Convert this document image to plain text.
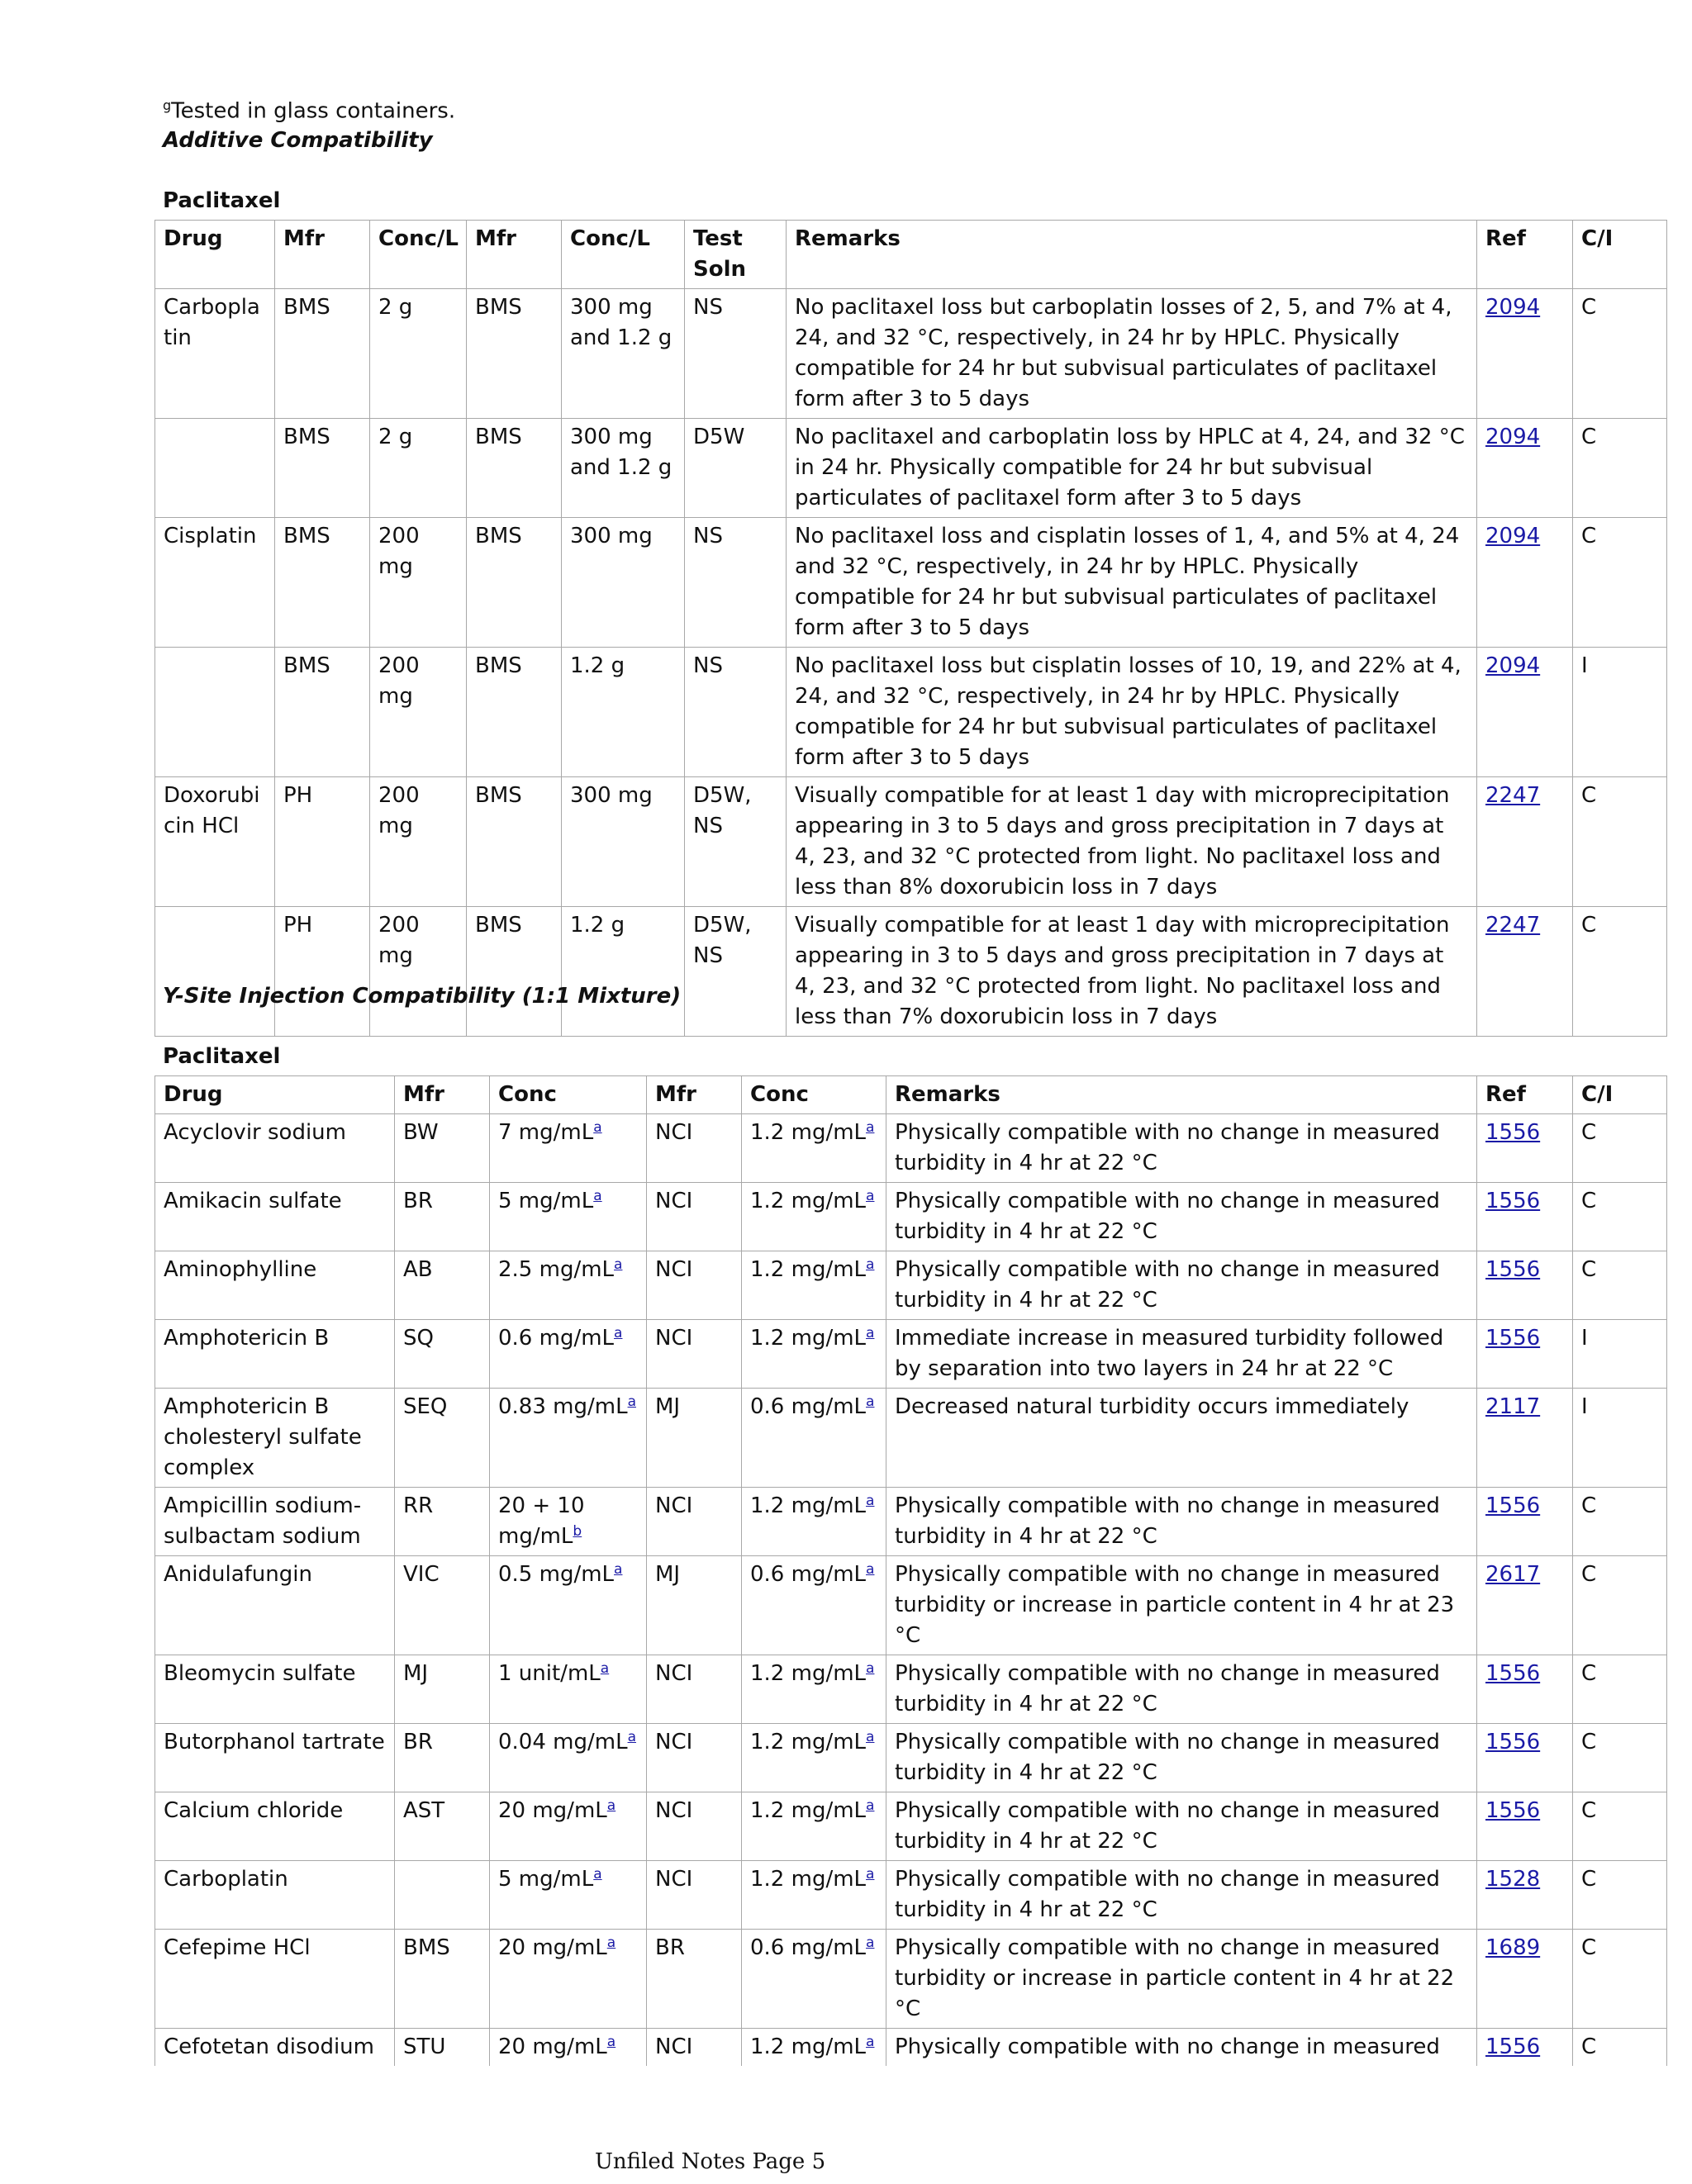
$^g$Tested in glass containers.
Additive Compatibility
Paclitaxel
Drug	Mfr	Conc/L	Mfr	Conc/L	Test Soln	Remarks	Ref	C/I
Carboplatin	BMS	2 g	BMS	300 mg and 1.2 g	NS	No paclitaxel loss but carboplatin losses of 2, 5, and 7% at 4, 24, and 32 °C, respectively, in 24 hr by HPLC. Physically compatible for 24 hr but subvisual particulates of paclitaxel form after 3 to 5 days	2094	C
	BMS	2 g	BMS	300 mg and 1.2 g	D5W	No paclitaxel and carboplatin loss by HPLC at 4, 24, and 32 °C in 24 hr. Physically compatible for 24 hr but subvisual particulates of paclitaxel form after 3 to 5 days	2094	C
Cisplatin	BMS	200 mg	BMS	300 mg	NS	No paclitaxel loss and cisplatin losses of 1, 4, and 5% at 4, 24 and 32 °C, respectively, in 24 hr by HPLC. Physically compatible for 24 hr but subvisual particulates of paclitaxel form after 3 to 5 days	2094	C
	BMS	200 mg	BMS	1.2 g	NS	No paclitaxel loss but cisplatin losses of 10, 19, and 22% at 4, 24, and 32 °C, respectively, in 24 hr by HPLC. Physically compatible for 24 hr but subvisual particulates of paclitaxel form after 3 to 5 days	2094	I
Doxorubicin HCl	PH	200 mg	BMS	300 mg	D5W, NS	Visually compatible for at least 1 day with microprecipitation appearing in 3 to 5 days and gross precipitation in 7 days at 4, 23, and 32 °C protected from light. No paclitaxel loss and less than 8% doxorubicin loss in 7 days	2247	C
	PH	200 mg	BMS	1.2 g	D5W, NS	Visually compatible for at least 1 day with microprecipitation appearing in 3 to 5 days and gross precipitation in 7 days at 4, 23, and 32 °C protected from light. No paclitaxel loss and less than 7% doxorubicin loss in 7 days	2247	C
Y-Site Injection Compatibility (1:1 Mixture)
Paclitaxel
Drug	Mfr	Conc	Mfr	Conc	Remarks	Ref	C/I
Acyclovir sodium	BW	7 mg/mL$^a$	NCI	1.2 mg/mL$^a$	Physically compatible with no change in measured turbidity in 4 hr at 22 °C	1556	C
Amikacin sulfate	BR	5 mg/mL$^a$	NCI	1.2 mg/mL$^a$	Physically compatible with no change in measured turbidity in 4 hr at 22 °C	1556	C
Aminophylline	AB	2.5 mg/mL$^a$	NCI	1.2 mg/mL$^a$	Physically compatible with no change in measured turbidity in 4 hr at 22 °C	1556	C
Amphotericin B	SQ	0.6 mg/mL$^a$	NCI	1.2 mg/mL$^a$	Immediate increase in measured turbidity followed by separation into two layers in 24 hr at 22 °C	1556	I
Amphotericin B cholesteryl sulfate complex	SEQ	0.83 mg/mL$^a$	MJ	0.6 mg/mL$^a$	Decreased natural turbidity occurs immediately	2117	I
Ampicillin sodium-sulbactam sodium	RR	20 + 10 mg/mL$^b$	NCI	1.2 mg/mL$^a$	Physically compatible with no change in measured turbidity in 4 hr at 22 °C	1556	C
Anidulafungin	VIC	0.5 mg/mL$^a$	MJ	0.6 mg/mL$^a$	Physically compatible with no change in measured turbidity or increase in particle content in 4 hr at 23 °C	2617	C
Bleomycin sulfate	MJ	1 unit/mL$^a$	NCI	1.2 mg/mL$^a$	Physically compatible with no change in measured turbidity in 4 hr at 22 °C	1556	C
Butorphanol tartrate	BR	0.04 mg/mL$^a$	NCI	1.2 mg/mL$^a$	Physically compatible with no change in measured turbidity in 4 hr at 22 °C	1556	C
Calcium chloride	AST	20 mg/mL$^a$	NCI	1.2 mg/mL$^a$	Physically compatible with no change in measured turbidity in 4 hr at 22 °C	1556	C
Carboplatin		5 mg/mL$^a$	NCI	1.2 mg/mL$^a$	Physically compatible with no change in measured turbidity in 4 hr at 22 °C	1528	C
Cefepime HCl	BMS	20 mg/mL$^a$	BR	0.6 mg/mL$^a$	Physically compatible with no change in measured turbidity or increase in particle content in 4 hr at 22 °C	1689	C
Cefotetan disodium	STU	20 mg/mL$^a$	NCI	1.2 mg/mL$^a$	Physically compatible with no change in measured	1556	C
Unfiled Notes Page 5
